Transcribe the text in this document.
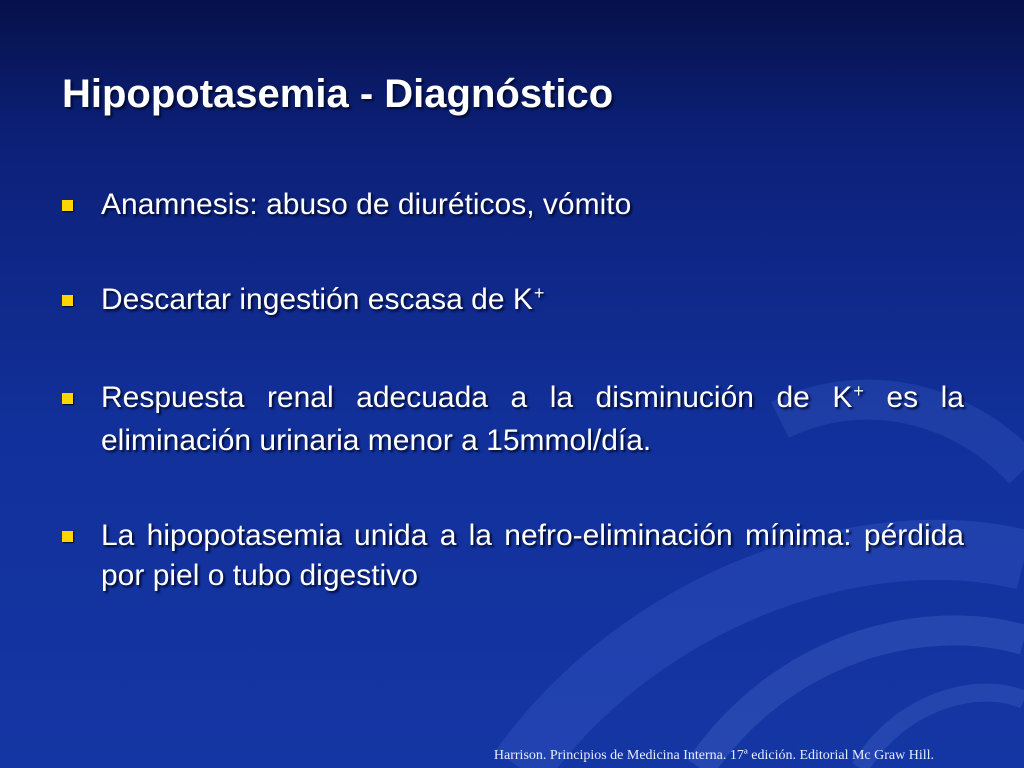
Hipopotasemia - Diagnóstico
Anamnesis: abuso de diuréticos, vómito
Descartar ingestión escasa de K+
Respuesta renal adecuada a la disminución de K+ es la eliminación urinaria menor a 15mmol/día.
La hipopotasemia unida a la nefro-eliminación mínima: pérdida por piel o tubo digestivo

Harrison. Principios de Medicina Interna. 17ª edición. Editorial Mc Graw Hill.
